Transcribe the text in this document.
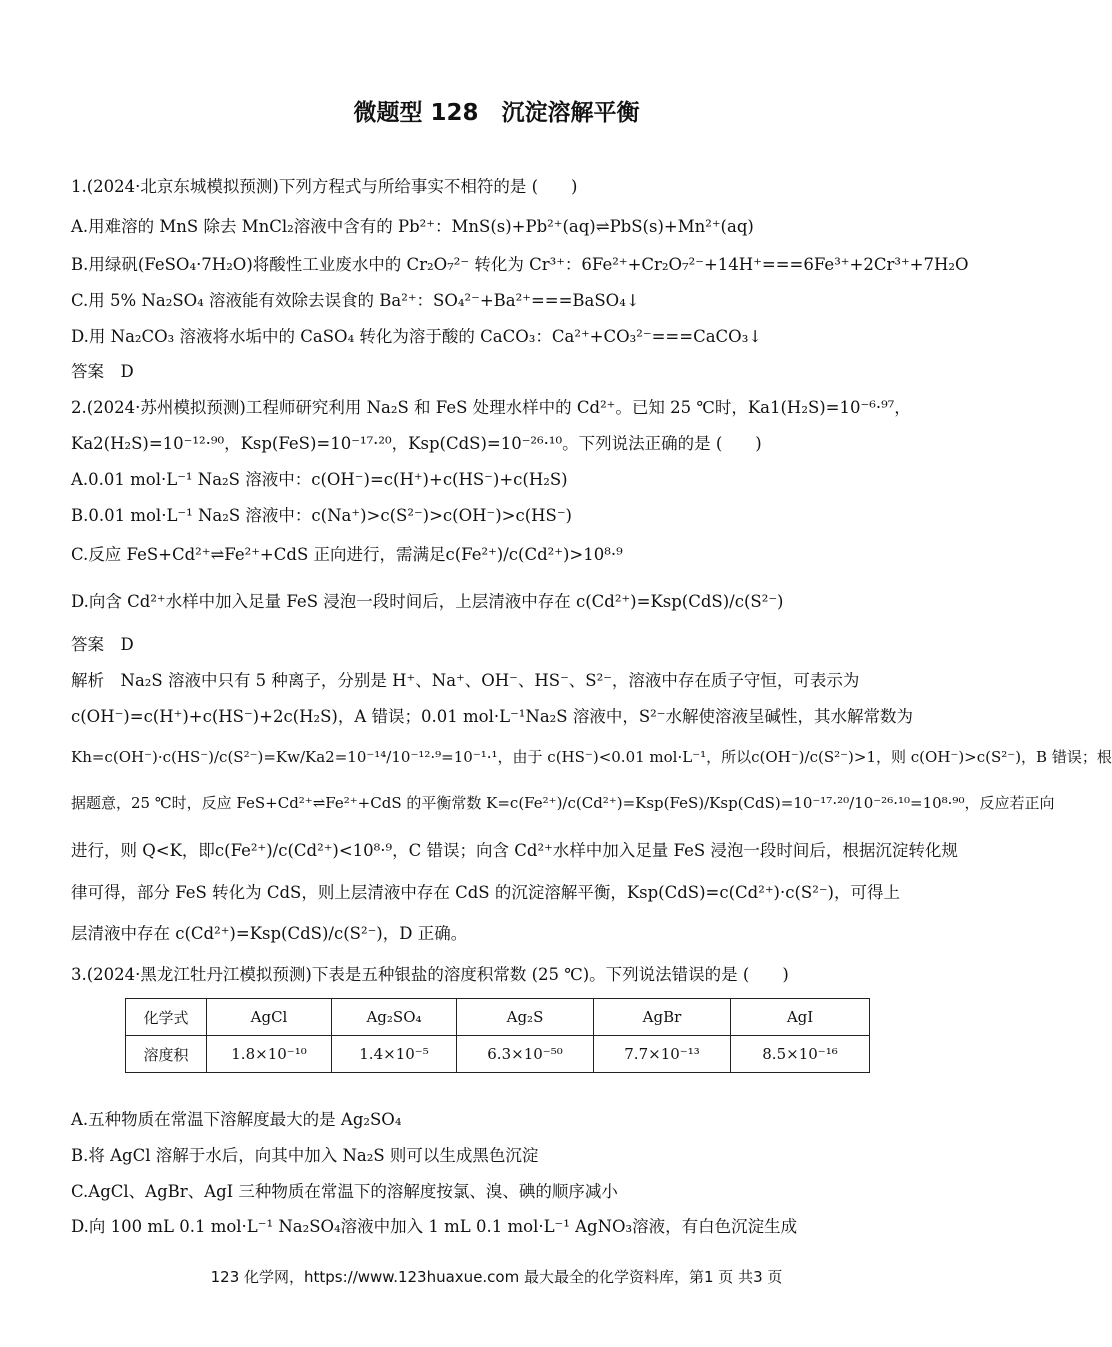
微题型 128　沉淀溶解平衡
1.(2024·北京东城模拟预测)下列方程式与所给事实不相符的是 (　　)
A.用难溶的 MnS 除去 MnCl₂溶液中含有的 Pb²⁺：MnS(s)+Pb²⁺(aq)⇌PbS(s)+Mn²⁺(aq)
B.用绿矾(FeSO₄·7H₂O)将酸性工业废水中的 Cr₂O₇²⁻ 转化为 Cr³⁺：6Fe²⁺+Cr₂O₇²⁻+14H⁺===6Fe³⁺+2Cr³⁺+7H₂O
C.用 5% Na₂SO₄ 溶液能有效除去误食的 Ba²⁺：SO₄²⁻+Ba²⁺===BaSO₄↓
D.用 Na₂CO₃ 溶液将水垢中的 CaSO₄ 转化为溶于酸的 CaCO₃：Ca²⁺+CO₃²⁻===CaCO₃↓
答案　D
2.(2024·苏州模拟预测)工程师研究利用 Na₂S 和 FeS 处理水样中的 Cd²⁺。已知 25 ℃时，Ka1(H₂S)=10⁻⁶·⁹⁷，
Ka2(H₂S)=10⁻¹²·⁹⁰，Ksp(FeS)=10⁻¹⁷·²⁰，Ksp(CdS)=10⁻²⁶·¹⁰。下列说法正确的是 (　　)
A.0.01 mol·L⁻¹ Na₂S 溶液中：c(OH⁻)=c(H⁺)+c(HS⁻)+c(H₂S)
B.0.01 mol·L⁻¹ Na₂S 溶液中：c(Na⁺)>c(S²⁻)>c(OH⁻)>c(HS⁻)
C.反应 FeS+Cd²⁺⇌Fe²⁺+CdS 正向进行，需满足c(Fe²⁺)/c(Cd²⁺)>10⁸·⁹
D.向含 Cd²⁺水样中加入足量 FeS 浸泡一段时间后，上层清液中存在 c(Cd²⁺)=Ksp(CdS)/c(S²⁻)
答案　D
解析　Na₂S 溶液中只有 5 种离子，分别是 H⁺、Na⁺、OH⁻、HS⁻、S²⁻，溶液中存在质子守恒，可表示为
c(OH⁻)=c(H⁺)+c(HS⁻)+2c(H₂S)，A 错误；0.01 mol·L⁻¹Na₂S 溶液中，S²⁻水解使溶液呈碱性，其水解常数为
Kh=c(OH⁻)·c(HS⁻)/c(S²⁻)=Kw/Ka2=10⁻¹⁴/10⁻¹²·⁹=10⁻¹·¹，由于 c(HS⁻)<0.01 mol·L⁻¹，所以c(OH⁻)/c(S²⁻)>1，则 c(OH⁻)>c(S²⁻)，B 错误；根
据题意，25 ℃时，反应 FeS+Cd²⁺⇌Fe²⁺+CdS 的平衡常数 K=c(Fe²⁺)/c(Cd²⁺)=Ksp(FeS)/Ksp(CdS)=10⁻¹⁷·²⁰/10⁻²⁶·¹⁰=10⁸·⁹⁰，反应若正向
进行，则 Q<K，即c(Fe²⁺)/c(Cd²⁺)<10⁸·⁹，C 错误；向含 Cd²⁺水样中加入足量 FeS 浸泡一段时间后，根据沉淀转化规
律可得，部分 FeS 转化为 CdS，则上层清液中存在 CdS 的沉淀溶解平衡，Ksp(CdS)=c(Cd²⁺)·c(S²⁻)，可得上
层清液中存在 c(Cd²⁺)=Ksp(CdS)/c(S²⁻)，D 正确。
3.(2024·黑龙江牡丹江模拟预测)下表是五种银盐的溶度积常数 (25 ℃)。下列说法错误的是 (　　)
化学式	AgCl	Ag₂SO₄	Ag₂S	AgBr	AgI
溶度积	1.8×10⁻¹⁰	1.4×10⁻⁵	6.3×10⁻⁵⁰	7.7×10⁻¹³	8.5×10⁻¹⁶
A.五种物质在常温下溶解度最大的是 Ag₂SO₄
B.将 AgCl 溶解于水后，向其中加入 Na₂S 则可以生成黑色沉淀
C.AgCl、AgBr、AgI 三种物质在常温下的溶解度按氯、溴、碘的顺序减小
D.向 100 mL 0.1 mol·L⁻¹ Na₂SO₄溶液中加入 1 mL 0.1 mol·L⁻¹ AgNO₃溶液，有白色沉淀生成
123 化学网，https://www.123huaxue.com 最大最全的化学资料库，第1 页 共3 页
